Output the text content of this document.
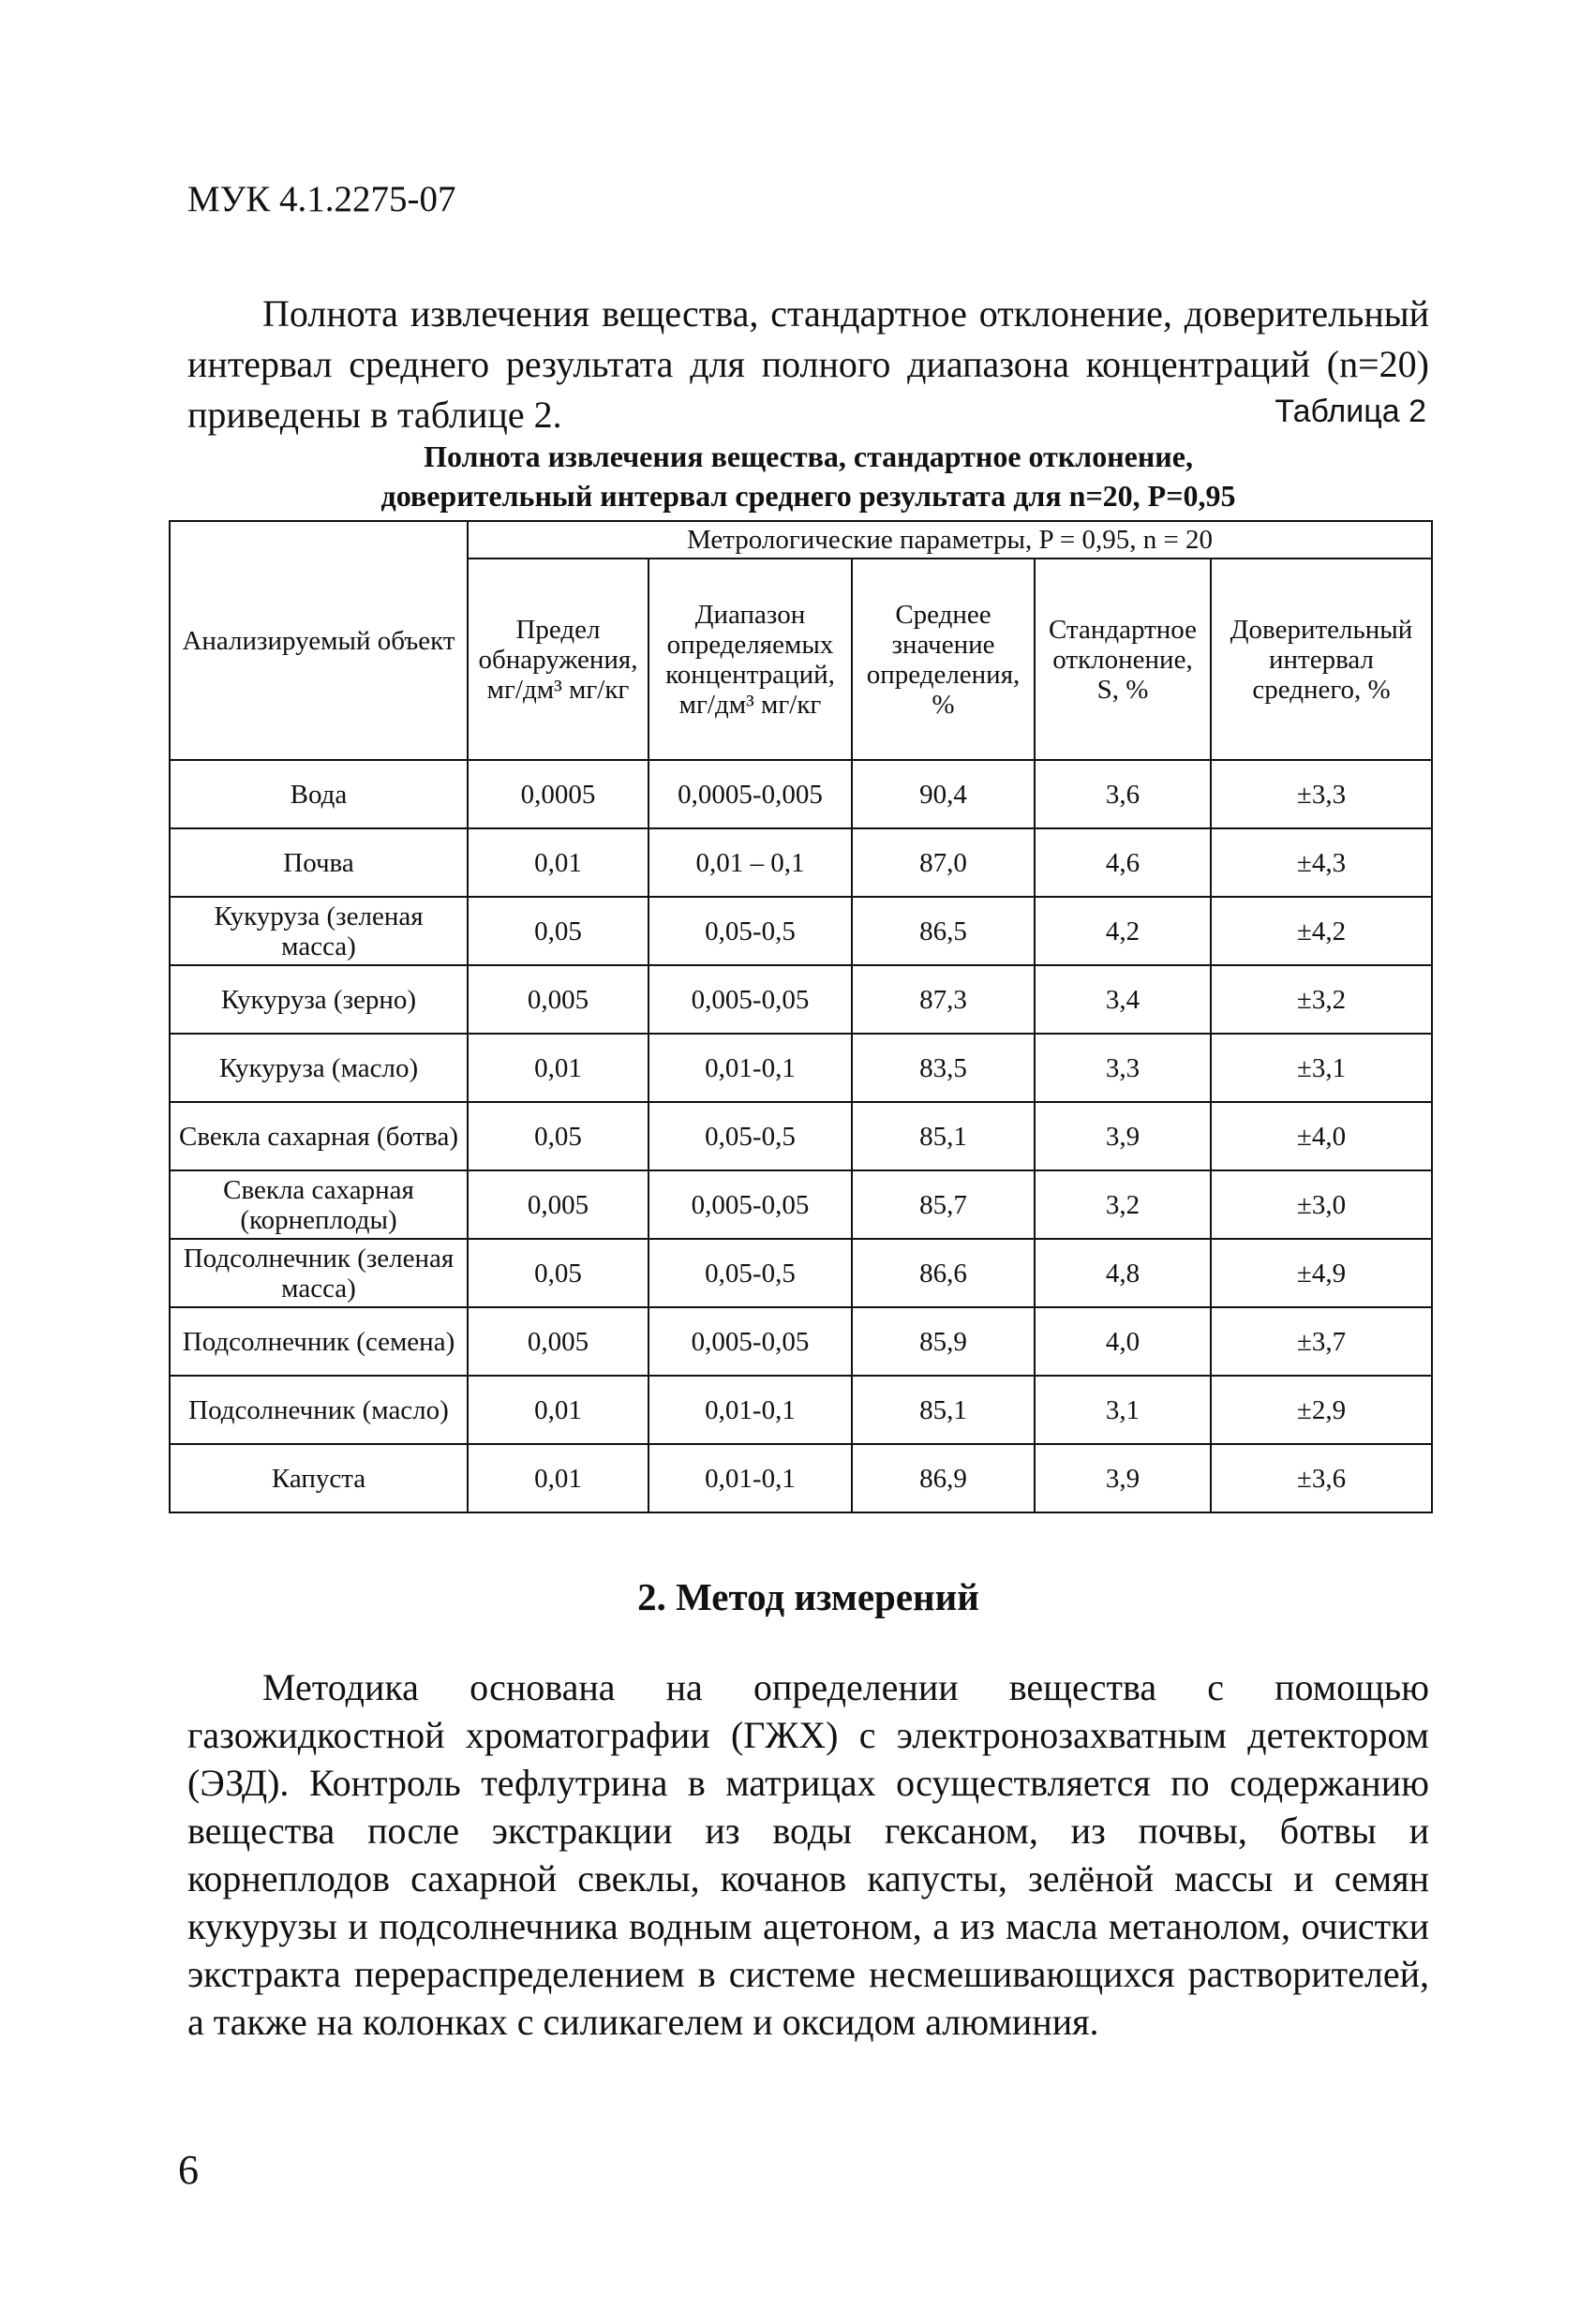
МУК 4.1.2275-07

Полнота извлечения вещества, стандартное отклонение, доверительный интервал среднего результата для полного диапазона концентраций (n=20) приведены в таблице 2.	Таблица 2
Полнота извлечения вещества, стандартное отклонение,
доверительный интервал среднего результата для n=20, P=0,95
Анализируемый объект	Метрологические параметры, P = 0,95, n = 20				
	Предел обнаружения, мг/дм³ мг/кг	Диапазон определяемых концентраций, мг/дм³ мг/кг	Среднее значение определения, %	Стандартное отклонение, S, %	Доверительный интервал среднего, %
Вода	0,0005	0,0005-0,005	90,4	3,6	±3,3
Почва	0,01	0,01 – 0,1	87,0	4,6	±4,3
Кукуруза (зеленая масса)	0,05	0,05-0,5	86,5	4,2	±4,2
Кукуруза (зерно)	0,005	0,005-0,05	87,3	3,4	±3,2
Кукуруза (масло)	0,01	0,01-0,1	83,5	3,3	±3,1
Свекла сахарная (ботва)	0,05	0,05-0,5	85,1	3,9	±4,0
Свекла сахарная (корнеплоды)	0,005	0,005-0,05	85,7	3,2	±3,0
Подсолнечник (зеленая масса)	0,05	0,05-0,5	86,6	4,8	±4,9
Подсолнечник (семена)	0,005	0,005-0,05	85,9	4,0	±3,7
Подсолнечник (масло)	0,01	0,01-0,1	85,1	3,1	±2,9
Капуста	0,01	0,01-0,1	86,9	3,9	±3,6
2. Метод измерений

Методика основана на определении вещества с помощью газожидкостной хроматографии (ГЖХ) с электронозахватным детектором (ЭЗД). Контроль тефлутрина в матрицах осуществляется по содержанию вещества после экстракции из воды гексаном, из почвы, ботвы и корнеплодов сахарной свеклы, кочанов капусты, зелёной массы и семян кукурузы и подсолнечника водным ацетоном, а из масла метанолом, очистки экстракта перераспределением в системе несмешивающихся растворителей, а также на колонках с силикагелем и оксидом алюминия.

6
